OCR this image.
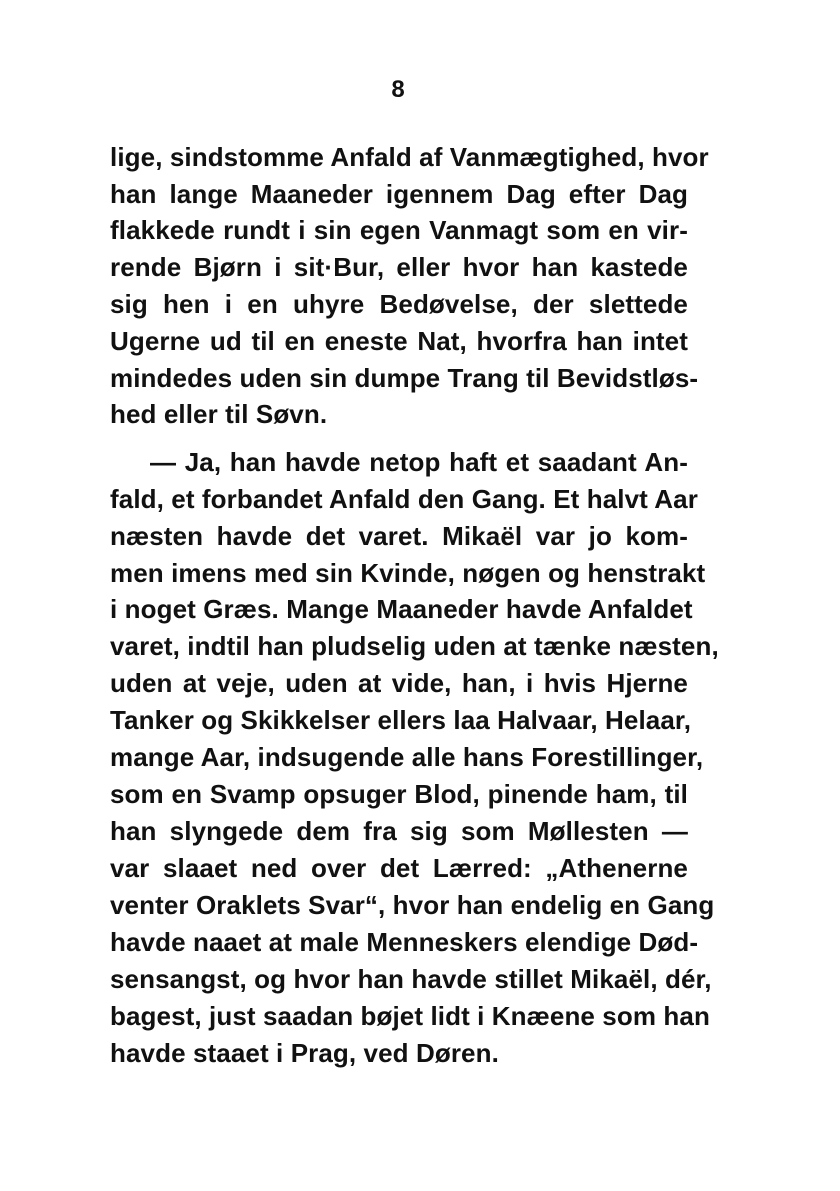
8
lige, sindstomme Anfald af Vanmægtighed, hvor
han lange Maaneder igennem Dag efter Dag
flakkede rundt i sin egen Vanmagt som en vir-
rende Bjørn i sit·Bur, eller hvor han kastede
sig hen i en uhyre Bedøvelse, der slettede
Ugerne ud til en eneste Nat, hvorfra han intet
mindedes uden sin dumpe Trang til Bevidstløs-
hed eller til Søvn.
— Ja, han havde netop haft et saadant An-
fald, et forbandet Anfald den Gang. Et halvt Aar
næsten havde det varet. Mikaël var jo kom-
men imens med sin Kvinde, nøgen og henstrakt
i noget Græs. Mange Maaneder havde Anfaldet
varet, indtil han pludselig uden at tænke næsten,
uden at veje, uden at vide, han, i hvis Hjerne
Tanker og Skikkelser ellers laa Halvaar, Helaar,
mange Aar, indsugende alle hans Forestillinger,
som en Svamp opsuger Blod, pinende ham, til
han slyngede dem fra sig som Møllesten —
var slaaet ned over det Lærred: „Athenerne
venter Oraklets Svar“, hvor han endelig en Gang
havde naaet at male Menneskers elendige Død-
sensangst, og hvor han havde stillet Mikaël, dér,
bagest, just saadan bøjet lidt i Knæene som han
havde staaet i Prag, ved Døren.
